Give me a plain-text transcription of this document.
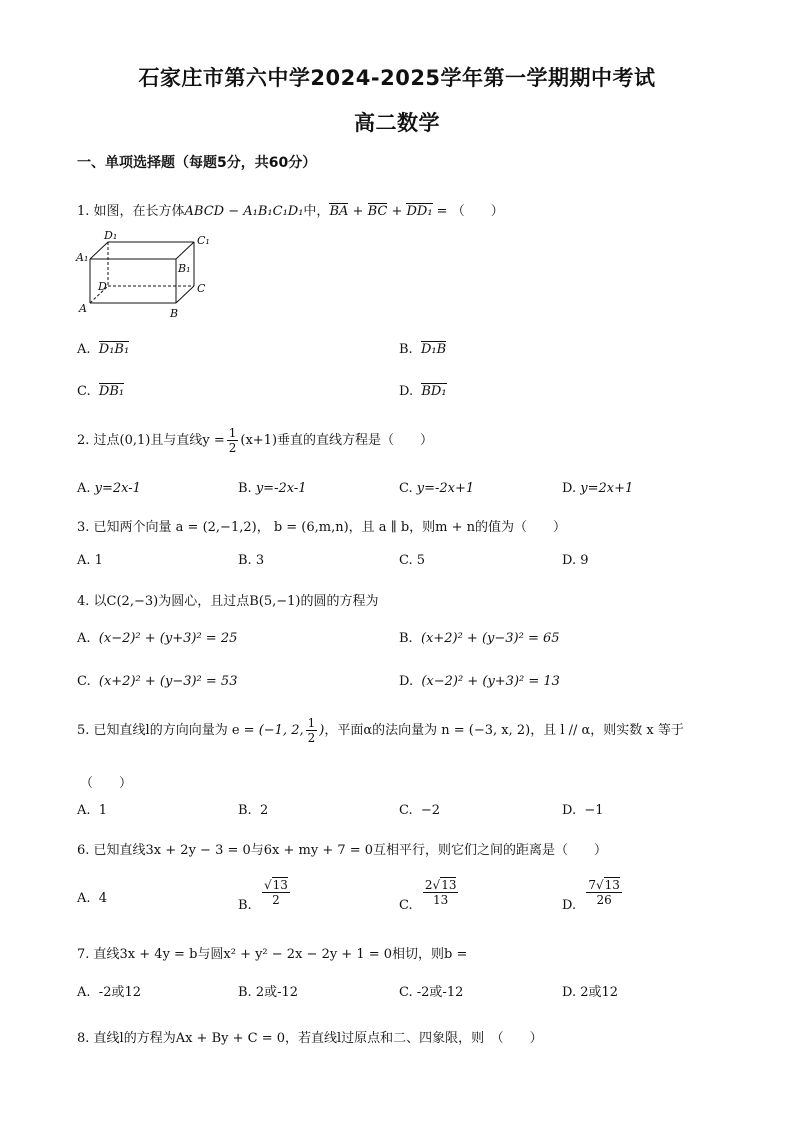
石家庄市第六中学2024-2025学年第一学期期中考试
高二数学
一、单项选择题（每题5分，共60分）
1. 如图，在长方体ABCD − A₁B₁C₁D₁中，BA + BC + DD₁ = （　　）
D₁	C₁
A₁
B₁
D	C
A	B
A. D₁B₁	B. D₁B
C. DB₁	D. BD₁
2. 过点(0,1)且与直线$y = \frac{1}{2} (x+1)$垂直的直线方程是（　　）
A. y=2x-1	B. y=-2x-1	C. y=-2x+1	D. y=2x+1
3. 已知两个向量 a = (2,−1,2)， b = (6,m,n)，且 a ∥ b，则m + n的值为（　　）
A. 1	B. 3	C. 5	D. 9
4. 以C(2,−3)为圆心，且过点B(5,−1)的圆的方程为
A. (x−2)² + (y+3)² = 25	B. (x+2)² + (y−3)² = 65
C. (x+2)² + (y−3)² = 53	D. (x−2)² + (y+3)² = 13
5. 已知直线l的方向向量为 e = (−1, 2, $\frac{1}{2}$ )，平面α的法向量为 n = (−3, x, 2)，且 l // α，则实数 x 等于
（　　）
A. 1	B. 2	C. −2	D. −1
6. 已知直线3x + 2y − 3 = 0与6x + my + 7 = 0互相平行，则它们之间的距离是（　　）
A. 4	B. $\frac{√13}{2}$	C. $\frac{2√13}{13}$	D. $\frac{7√13}{26}$
7. 直线3x + 4y = b与圆x² + y² − 2x − 2y + 1 = 0相切，则b =
A. -2或12	B. 2或-12	C. -2或-12	D. 2或12
8. 直线l的方程为Ax + By + C = 0，若直线l过原点和二、四象限，则　（　　）
